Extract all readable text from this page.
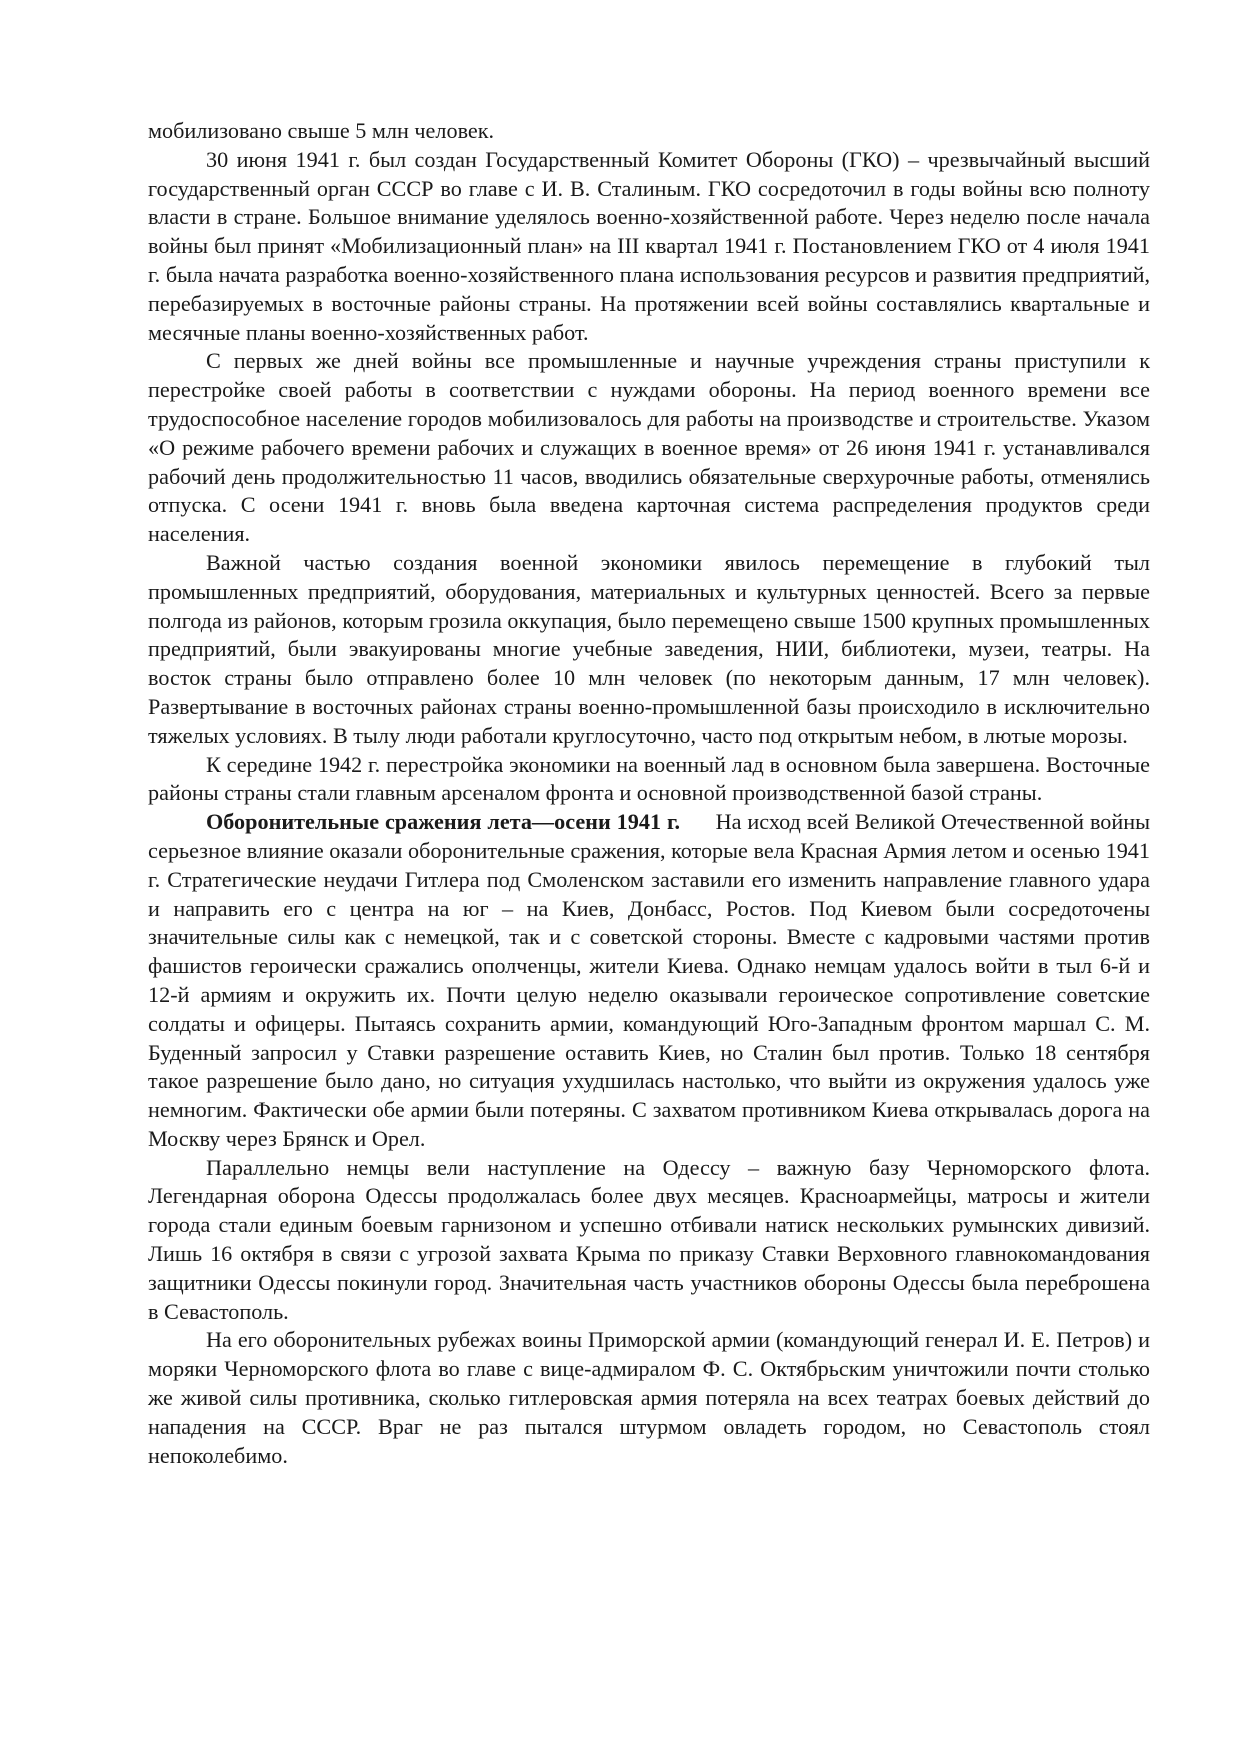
мобилизовано свыше 5 млн человек.

30 июня 1941 г. был создан Государственный Комитет Обороны (ГКО) – чрезвычайный высший государственный орган СССР во главе с И. В. Сталиным. ГКО сосредоточил в годы войны всю полноту власти в стране. Большое внимание уделялось военно-хозяйственной работе. Через неделю после начала войны был принят «Мобилизационный план» на III квартал 1941 г. Постановлением ГКО от 4 июля 1941 г. была начата разработка военно-хозяйственного плана использования ресурсов и развития предприятий, перебазируемых в восточные районы страны. На протяжении всей войны составлялись квартальные и месячные планы военно-хозяйственных работ.

С первых же дней войны все промышленные и научные учреждения страны приступили к перестройке своей работы в соответствии с нуждами обороны. На период военного времени все трудоспособное население городов мобилизовалось для работы на производстве и строительстве. Указом «О режиме рабочего времени рабочих и служащих в военное время» от 26 июня 1941 г. устанавливался рабочий день продолжительностью 11 часов, вводились обязательные сверхурочные работы, отменялись отпуска. С осени 1941 г. вновь была введена карточная система распределения продуктов среди населения.

Важной частью создания военной экономики явилось перемещение в глубокий тыл промышленных предприятий, оборудования, материальных и культурных ценностей. Всего за первые полгода из районов, которым грозила оккупация, было перемещено свыше 1500 крупных промышленных предприятий, были эвакуированы многие учебные заведения, НИИ, библиотеки, музеи, театры. На восток страны было отправлено более 10 млн человек (по некоторым данным, 17 млн человек). Развертывание в восточных районах страны военно-промышленной базы происходило в исключительно тяжелых условиях. В тылу люди работали круглосуточно, часто под открытым небом, в лютые морозы.

К середине 1942 г. перестройка экономики на военный лад в основном была завершена. Восточные районы страны стали главным арсеналом фронта и основной производственной базой страны.

Оборонительные сражения лета—осени 1941 г. На исход всей Великой Отечественной войны серьезное влияние оказали оборонительные сражения, которые вела Красная Армия летом и осенью 1941 г. Стратегические неудачи Гитлера под Смоленском заставили его изменить направление главного удара и направить его с центра на юг – на Киев, Донбасс, Ростов. Под Киевом были сосредоточены значительные силы как с немецкой, так и с советской стороны. Вместе с кадровыми частями против фашистов героически сражались ополченцы, жители Киева. Однако немцам удалось войти в тыл 6-й и 12-й армиям и окружить их. Почти целую неделю оказывали героическое сопротивление советские солдаты и офицеры. Пытаясь сохранить армии, командующий Юго-Западным фронтом маршал С. М. Буденный запросил у Ставки разрешение оставить Киев, но Сталин был против. Только 18 сентября такое разрешение было дано, но ситуация ухудшилась настолько, что выйти из окружения удалось уже немногим. Фактически обе армии были потеряны. С захватом противником Киева открывалась дорога на Москву через Брянск и Орел.

Параллельно немцы вели наступление на Одессу – важную базу Черноморского флота. Легендарная оборона Одессы продолжалась более двух месяцев. Красноармейцы, матросы и жители города стали единым боевым гарнизоном и успешно отбивали натиск нескольких румынских дивизий. Лишь 16 октября в связи с угрозой захвата Крыма по приказу Ставки Верховного главнокомандования защитники Одессы покинули город. Значительная часть участников обороны Одессы была переброшена в Севастополь.

На его оборонительных рубежах воины Приморской армии (командующий генерал И. Е. Петров) и моряки Черноморского флота во главе с вице-адмиралом Ф. С. Октябрьским уничтожили почти столько же живой силы противника, сколько гитлеровская армия потеряла на всех театрах боевых действий до нападения на СССР. Враг не раз пытался штурмом овладеть городом, но Севастополь стоял непоколебимо.
